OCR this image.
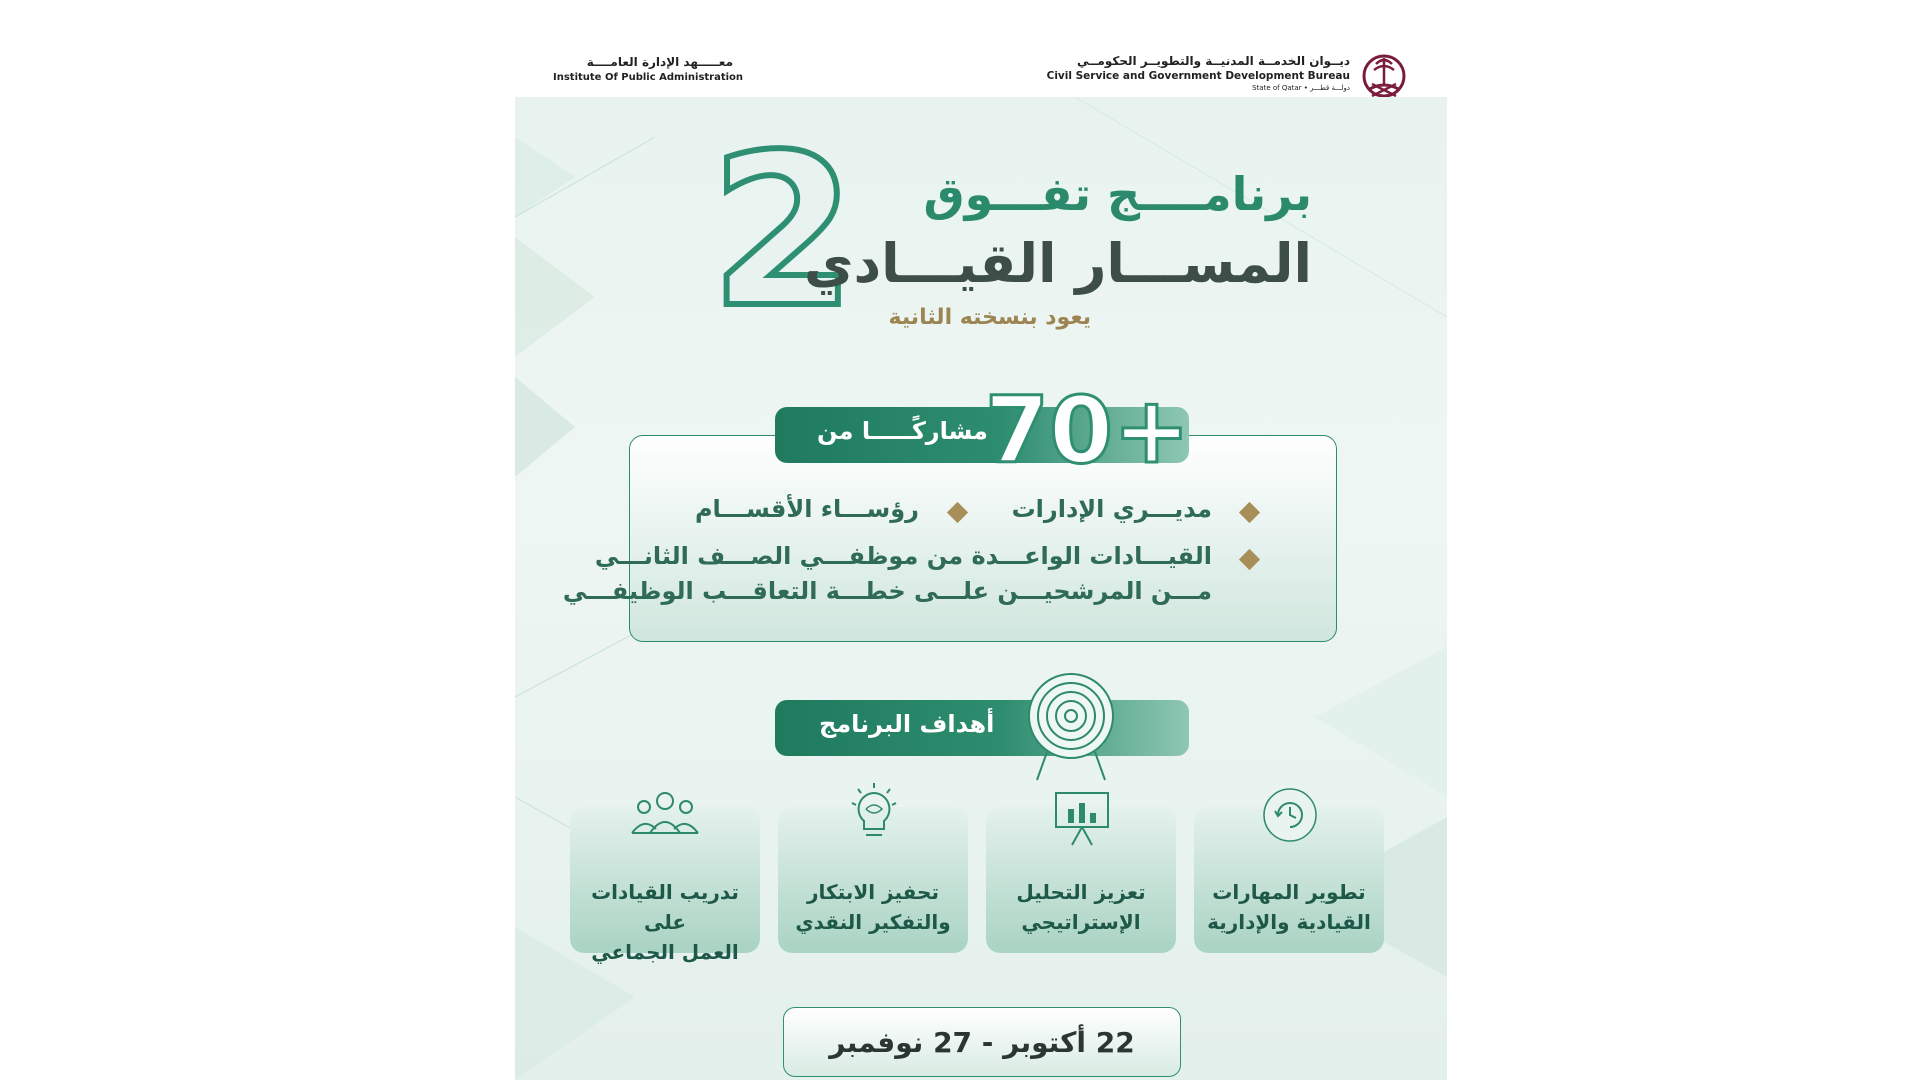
معـــــهد الإدارة العامــــة
Institute Of Public Administration
ديــوان الخدمــة المدنيــة والتطويــر الحكومــي
Civil Service and Government Development Bureau
State of Qatar • دولـــة قطـــر
2 برنامــــج تفـــوق
المســـار القيـــادي
يعود بنسخته الثانية
مشاركًـــــا من
70+
مديـــري الإدارات
رؤســـاء الأقســـام
القيـــادات الواعـــدة من موظفـــي الصـــف الثانـــي
مـــن المرشحيـــن علـــى خطـــة التعاقـــب الوظيفـــي
أهداف البرنامج
تطوير المهارات
القيادية والإدارية
تعزيز التحليل
الإستراتيجي
تحفيز الابتكار
والتفكير النقدي
تدريب القيادات على
العمل الجماعي
22 أكتوبر - 27 نوفمبر
